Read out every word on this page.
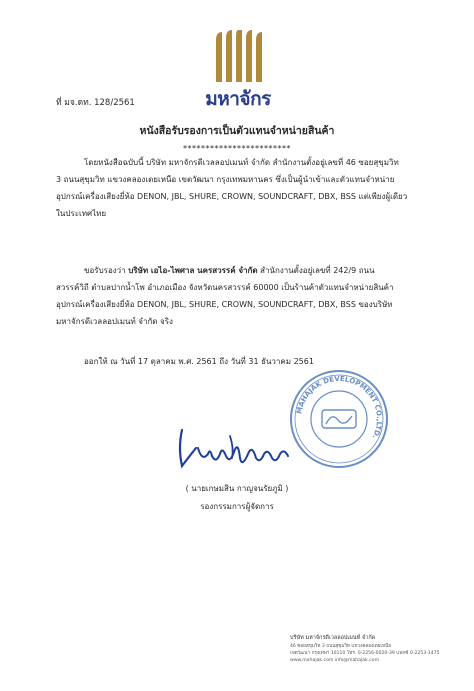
มหาจักร
ที่ มจ.ดท. 128/2561
หนังสือรับรองการเป็นตัวแทนจำหน่ายสินค้า
************************
โดยหนังสือฉบับนี้ บริษัท มหาจักรดีเวลลอปเมนท์ จำกัด สำนักงานตั้งอยู่เลขที่ 46 ซอยสุขุมวิท
3 ถนนสุขุมวิท แขวงคลองเตยเหนือ เขตวัฒนา กรุงเทพมหานคร ซึ่งเป็นผู้นำเข้าและตัวแทนจำหน่าย
อุปกรณ์เครื่องเสียงยี่ห้อ DENON, JBL, SHURE, CROWN, SOUNDCRAFT, DBX, BSS แต่เพียงผู้เดียว
ในประเทศไทย
ขอรับรองว่า บริษัท เอไอ-ไพศาล นครสวรรค์ จำกัด สำนักงานตั้งอยู่เลขที่ 242/9 ถนน
สวรรค์วิถี ตำบลปากน้ำโพ อำเภอเมือง จังหวัดนครสวรรค์ 60000 เป็นร้านค้าตัวแทนจำหน่ายสินค้า
อุปกรณ์เครื่องเสียงยี่ห้อ DENON, JBL, SHURE, CROWN, SOUNDCRAFT, DBX, BSS ของบริษัท
มหาจักรดีเวลลอปเมนท์ จำกัด จริง
ออกให้ ณ วันที่ 17 ตุลาคม พ.ศ. 2561 ถึง วันที่ 31 ธันวาคม 2561
MAHAJAK DEVELOPMENT CO.,LTD.
( นายเกษมสิน กาญจนรัยภูมิ )
รองกรรมการผู้จัดการ
บริษัท มหาจักรดีเวลลอปเมนท์ จำกัด
46 ซอยสุขุมวิท 3 ถนนสุขุมวิท แขวงคลองเตยเหนือ
เขตวัฒนา กรุงเทพฯ 10110 โทร. 0-2256-0020-39 แฟกซ์ 0-2253-1475
www.mahajak.com info@mahajak.com
